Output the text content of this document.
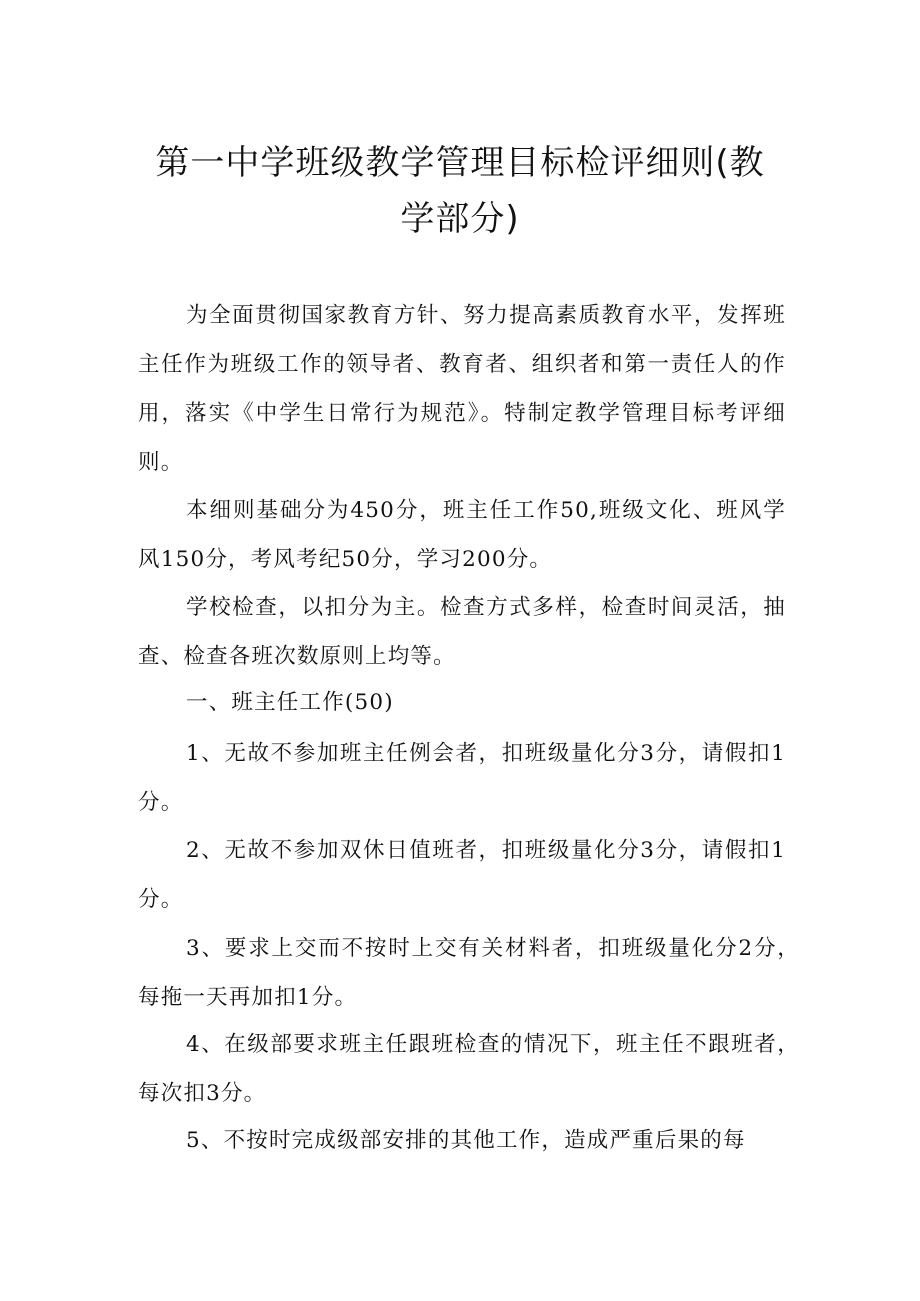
第一中学班级教学管理目标检评细则(教
学部分)
为全面贯彻国家教育方针、努力提高素质教育水平，发挥班
主任作为班级工作的领导者、教育者、组织者和第一责任人的作
用，落实《中学生日常行为规范》。特制定教学管理目标考评细
则。
本细则基础分为450分，班主任工作50,班级文化、班风学
风150分，考风考纪50分，学习200分。
学校检查，以扣分为主。检查方式多样，检查时间灵活，抽
查、检查各班次数原则上均等。
一、班主任工作(50)
1、无故不参加班主任例会者，扣班级量化分3分，请假扣1
分。
2、无故不参加双休日值班者，扣班级量化分3分，请假扣1
分。
3、要求上交而不按时上交有关材料者，扣班级量化分2分，
每拖一天再加扣1分。
4、在级部要求班主任跟班检查的情况下，班主任不跟班者，
每次扣3分。
5、不按时完成级部安排的其他工作，造成严重后果的每
